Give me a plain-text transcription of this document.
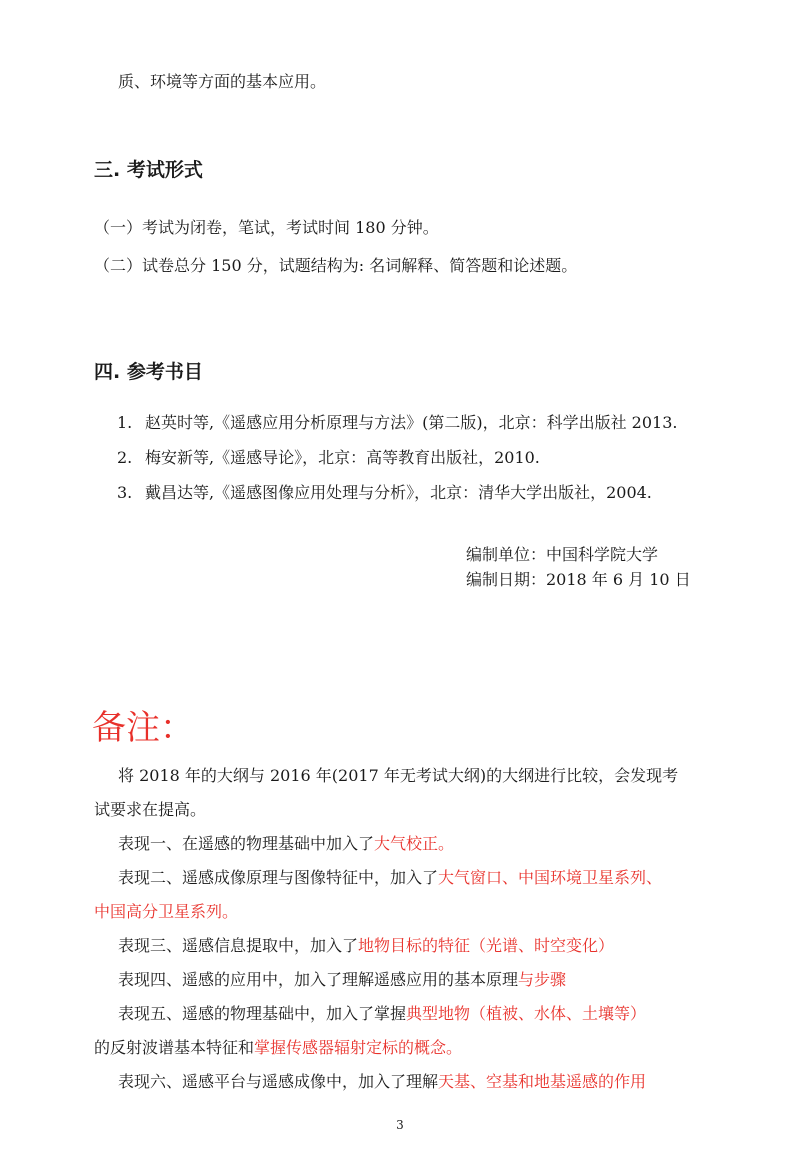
质、环境等方面的基本应用。
三. 考试形式
（一）考试为闭卷，笔试，考试时间 180 分钟。
（二）试卷总分 150 分，试题结构为: 名词解释、简答题和论述题。
四. 参考书目
1. 赵英时等,《遥感应用分析原理与方法》(第二版)，北京：科学出版社 2013.
2. 梅安新等,《遥感导论》，北京：高等教育出版社，2010.
3. 戴昌达等,《遥感图像应用处理与分析》，北京：清华大学出版社，2004.
编制单位：中国科学院大学
编制日期：2018 年 6 月 10 日
备注：
将 2018 年的大纲与 2016 年(2017 年无考试大纲)的大纲进行比较，会发现考
试要求在提高。
表现一、在遥感的物理基础中加入了大气校正。
表现二、遥感成像原理与图像特征中，加入了大气窗口、中国环境卫星系列、
中国高分卫星系列。
表现三、遥感信息提取中，加入了地物目标的特征（光谱、时空变化）
表现四、遥感的应用中，加入了理解遥感应用的基本原理与步骤
表现五、遥感的物理基础中，加入了掌握典型地物（植被、水体、土壤等）
的反射波谱基本特征和掌握传感器辐射定标的概念。
表现六、遥感平台与遥感成像中，加入了理解天基、空基和地基遥感的作用
3
